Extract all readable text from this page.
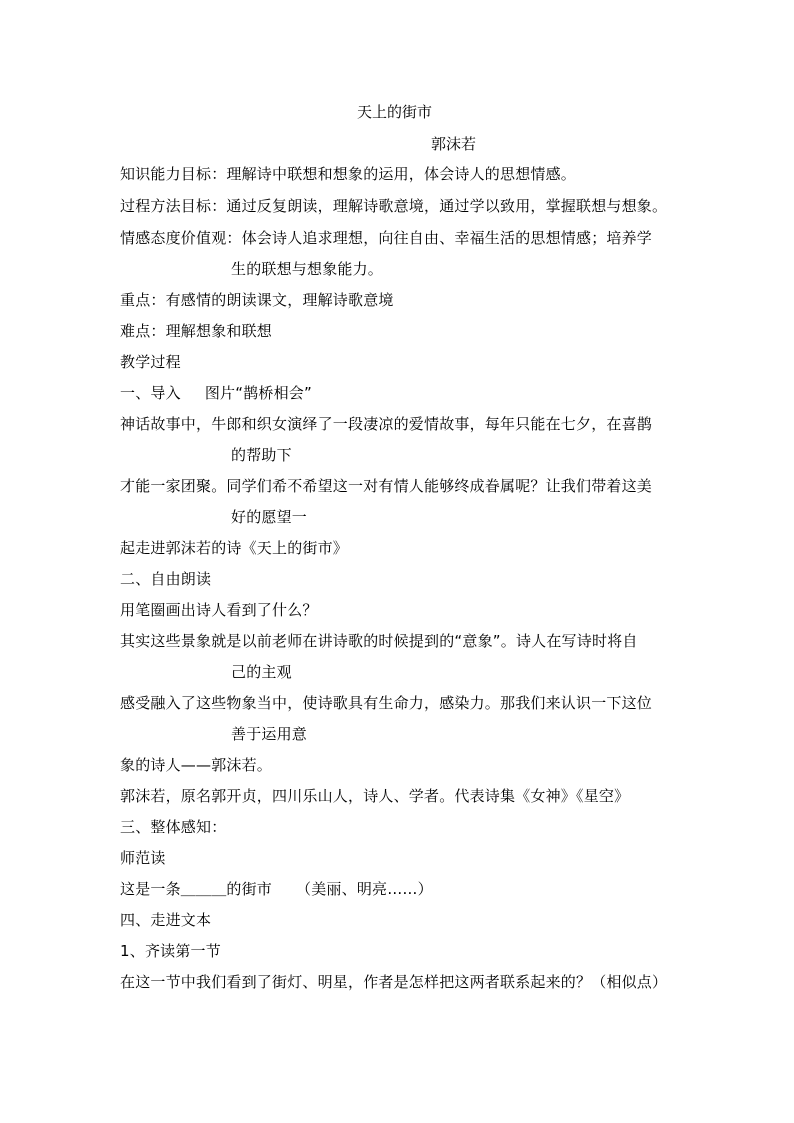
天上的街市
郭沫若
知识能力目标：理解诗中联想和想象的运用，体会诗人的思想情感。
过程方法目标：通过反复朗读，理解诗歌意境，通过学以致用，掌握联想与想象。
情感态度价值观：体会诗人追求理想，向往自由、幸福生活的思想情感；培养学
生的联想与想象能力。
重点：有感情的朗读课文，理解诗歌意境
难点：理解想象和联想
教学过程
一、导入 图片“鹊桥相会”
神话故事中，牛郎和织女演绎了一段凄凉的爱情故事，每年只能在七夕，在喜鹊
的帮助下
才能一家团聚。同学们希不希望这一对有情人能够终成眷属呢？让我们带着这美
好的愿望一
起走进郭沫若的诗《天上的街市》
二、自由朗读
用笔圈画出诗人看到了什么？
其实这些景象就是以前老师在讲诗歌的时候提到的“意象”。诗人在写诗时将自
己的主观
感受融入了这些物象当中，使诗歌具有生命力，感染力。那我们来认识一下这位
善于运用意
象的诗人——郭沫若。
郭沫若，原名郭开贞，四川乐山人，诗人、学者。代表诗集《女神》《星空》
三、整体感知：
师范读
这是一条＿＿＿的街市 （美丽、明亮……）
四、走进文本
1、齐读第一节
在这一节中我们看到了街灯、明星，作者是怎样把这两者联系起来的？（相似点）
